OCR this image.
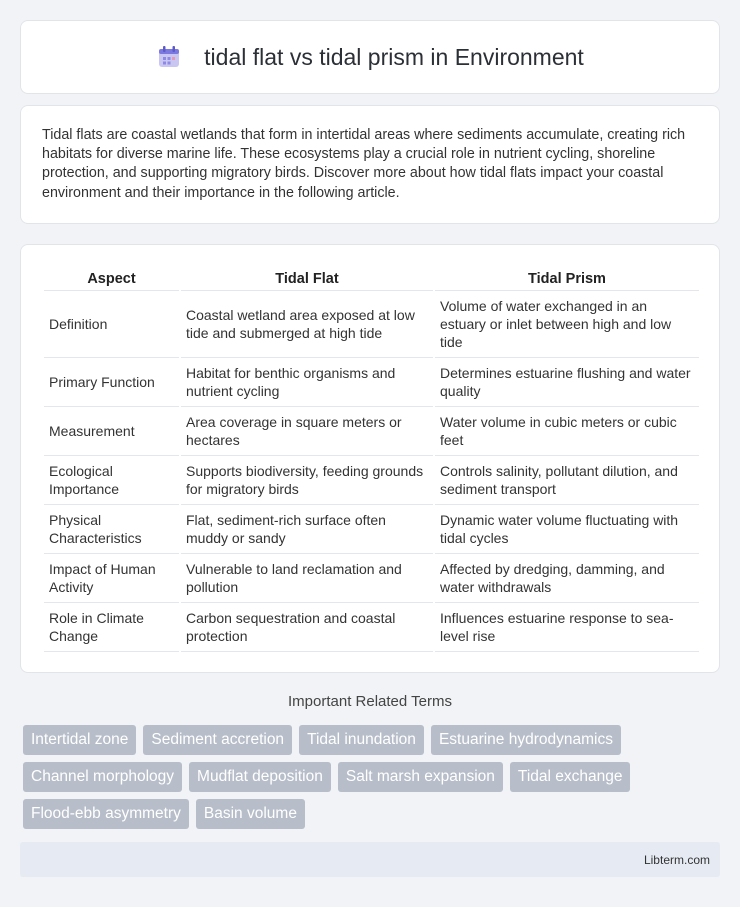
tidal flat vs tidal prism in Environment

Tidal flats are coastal wetlands that form in intertidal areas where sediments accumulate, creating rich habitats for diverse marine life. These ecosystems play a crucial role in nutrient cycling, shoreline protection, and supporting migratory birds. Discover more about how tidal flats impact your coastal environment and their importance in the following article.

Aspect	Tidal Flat	Tidal Prism
Definition	Coastal wetland area exposed at low tide and submerged at high tide	Volume of water exchanged in an estuary or inlet between high and low tide
Primary Function	Habitat for benthic organisms and nutrient cycling	Determines estuarine flushing and water quality
Measurement	Area coverage in square meters or hectares	Water volume in cubic meters or cubic feet
Ecological Importance	Supports biodiversity, feeding grounds for migratory birds	Controls salinity, pollutant dilution, and sediment transport
Physical Characteristics	Flat, sediment-rich surface often muddy or sandy	Dynamic water volume fluctuating with tidal cycles
Impact of Human Activity	Vulnerable to land reclamation and pollution	Affected by dredging, damming, and water withdrawals
Role in Climate Change	Carbon sequestration and coastal protection	Influences estuarine response to sea-level rise
Important Related Terms
Intertidal zone	Sediment accretion	Tidal inundation	Estuarine hydrodynamics
Channel morphology	Mudflat deposition	Salt marsh expansion	Tidal exchange
Flood-ebb asymmetry	Basin volume
Libterm.com
